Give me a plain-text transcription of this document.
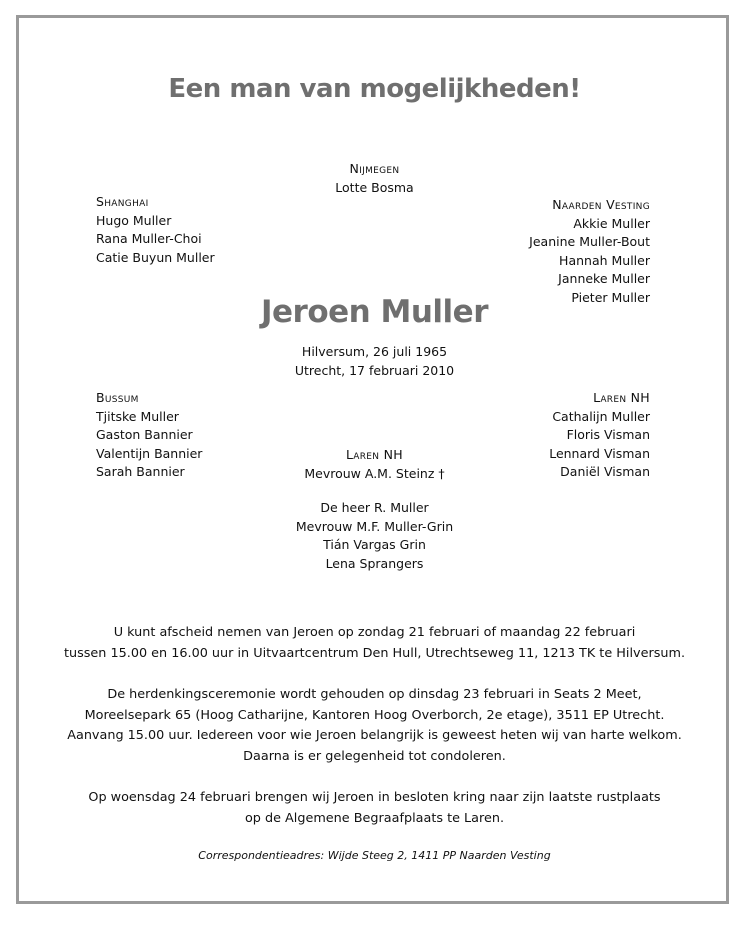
Een man van mogelijkheden!
Nijmegen
Lotte Bosma
Shanghai
Hugo Muller
Rana Muller-Choi
Catie Buyun Muller
Naarden Vesting
Akkie Muller
Jeanine Muller-Bout
Hannah Muller
Janneke Muller
Pieter Muller
Jeroen Muller
Hilversum, 26 juli 1965
Utrecht, 17 februari 2010
Bussum
Tjitske Muller
Gaston Bannier
Valentijn Bannier
Sarah Bannier
Laren NH
Cathalijn Muller
Floris Visman
Lennard Visman
Daniël Visman
Laren NH
Mevrouw A.M. Steinz †
De heer R. Muller
Mevrouw M.F. Muller-Grin
Tián Vargas Grin
Lena Sprangers
U kunt afscheid nemen van Jeroen op zondag 21 februari of maandag 22 februari
tussen 15.00 en 16.00 uur in Uitvaartcentrum Den Hull, Utrechtseweg 11, 1213 TK te Hilversum.
De herdenkingsceremonie wordt gehouden op dinsdag 23 februari in Seats 2 Meet,
Moreelsepark 65 (Hoog Catharijne, Kantoren Hoog Overborch, 2e etage), 3511 EP Utrecht.
Aanvang 15.00 uur. Iedereen voor wie Jeroen belangrijk is geweest heten wij van harte welkom.
Daarna is er gelegenheid tot condoleren.
Op woensdag 24 februari brengen wij Jeroen in besloten kring naar zijn laatste rustplaats
op de Algemene Begraafplaats te Laren.
Correspondentieadres: Wijde Steeg 2, 1411 PP Naarden Vesting
